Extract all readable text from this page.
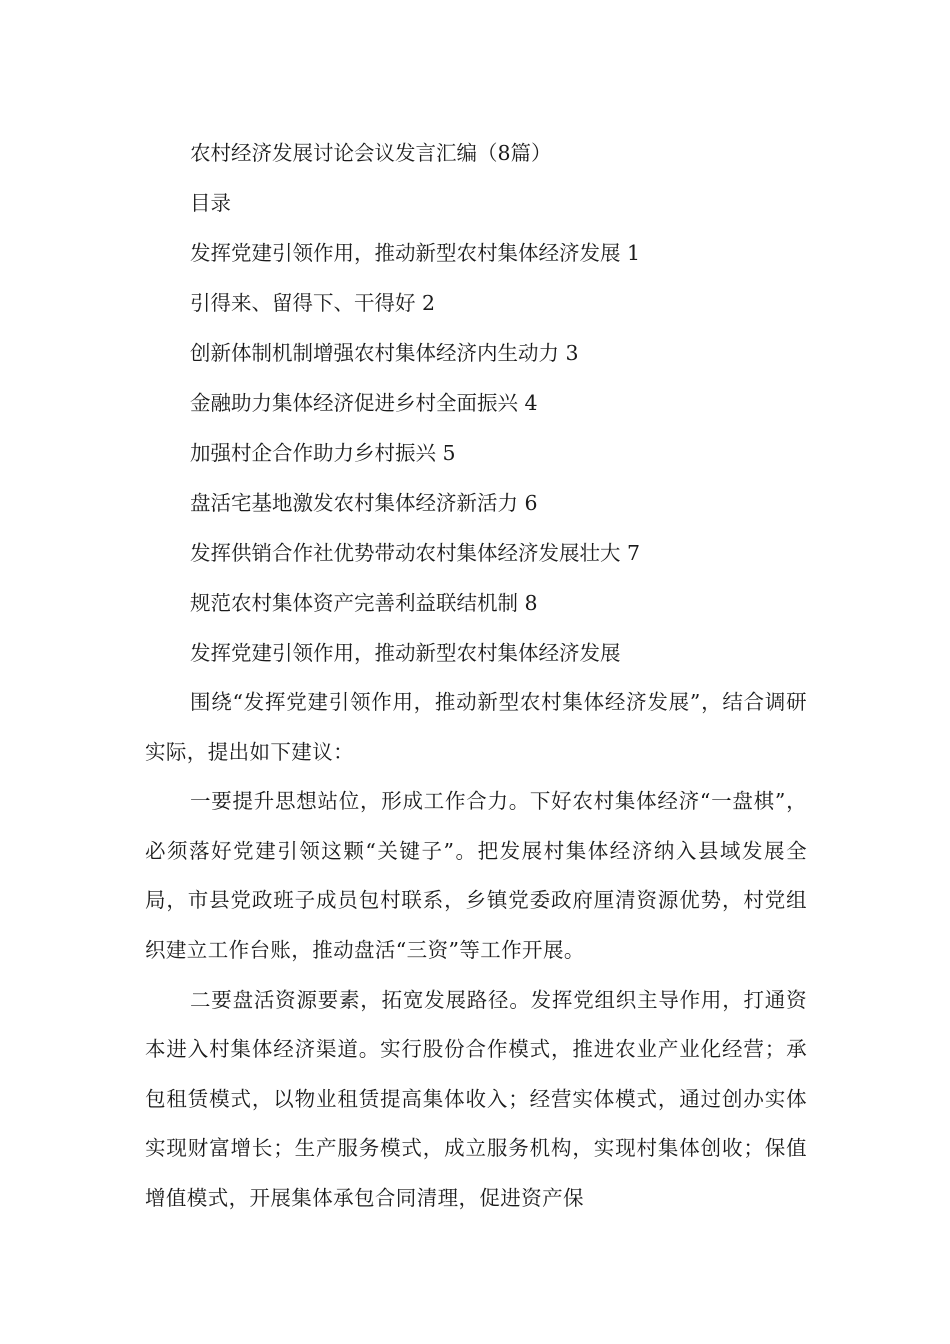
农村经济发展讨论会议发言汇编（8篇）

目录

发挥党建引领作用，推动新型农村集体经济发展 1

引得来、留得下、干得好 2

创新体制机制增强农村集体经济内生动力 3

金融助力集体经济促进乡村全面振兴 4

加强村企合作助力乡村振兴 5

盘活宅基地激发农村集体经济新活力 6

发挥供销合作社优势带动农村集体经济发展壮大 7

规范农村集体资产完善利益联结机制 8

发挥党建引领作用，推动新型农村集体经济发展

围绕“发挥党建引领作用，推动新型农村集体经济发展”，结合调研实际，提出如下建议：

一要提升思想站位，形成工作合力。下好农村集体经济“一盘棋”，必须落好党建引领这颗“关键子”。把发展村集体经济纳入县域发展全局，市县党政班子成员包村联系，乡镇党委政府厘清资源优势，村党组织建立工作台账，推动盘活“三资”等工作开展。

二要盘活资源要素，拓宽发展路径。发挥党组织主导作用，打通资本进入村集体经济渠道。实行股份合作模式，推进农业产业化经营；承包租赁模式，以物业租赁提高集体收入；经营实体模式，通过创办实体实现财富增长；生产服务模式，成立服务机构，实现村集体创收；保值增值模式，开展集体承包合同清理，促进资产保
